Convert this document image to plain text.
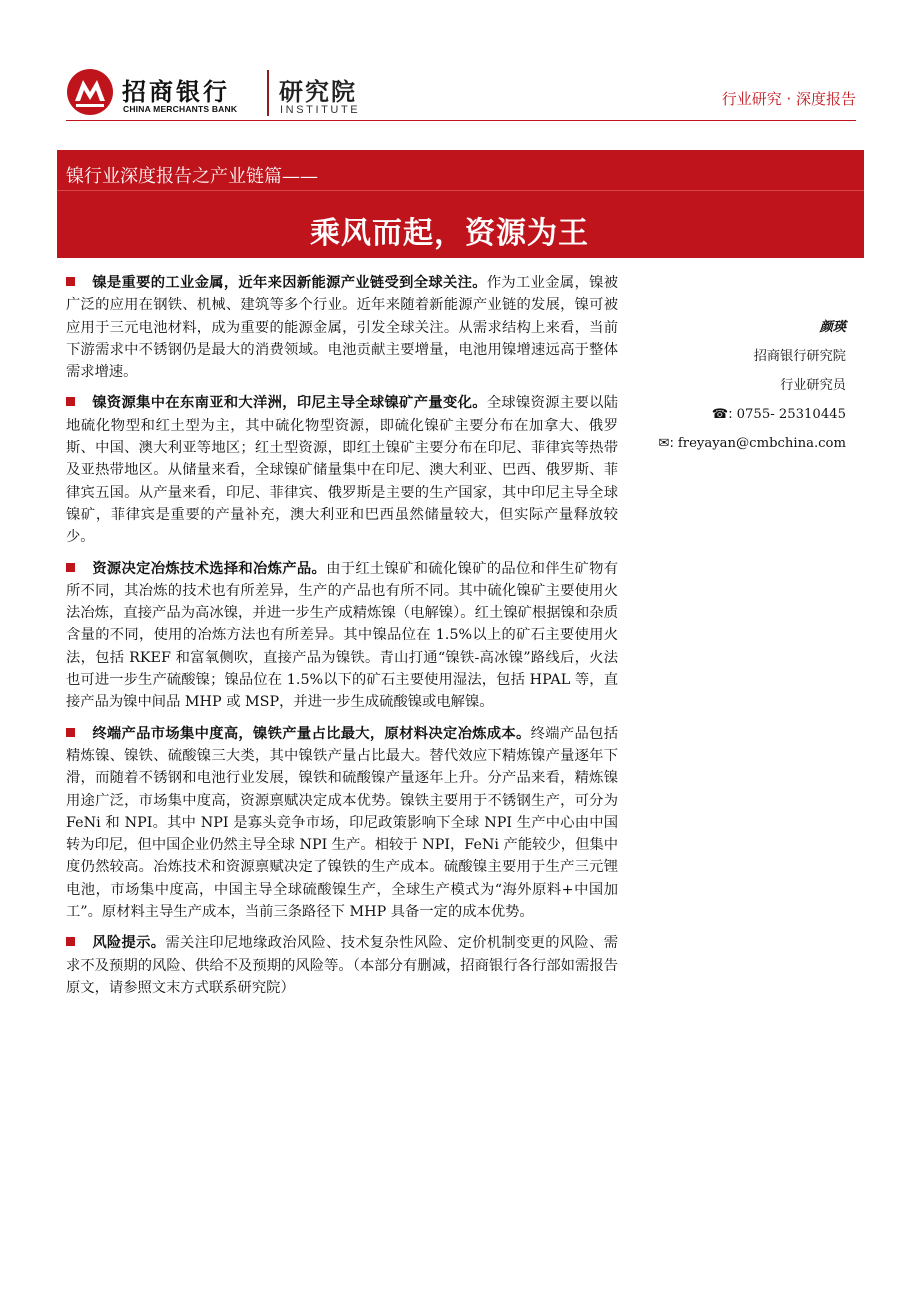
招商银行
CHINA MERCHANTS BANK
研究院
INSTITUTE
行业研究 · 深度报告
镍行业深度报告之产业链篇——
乘风而起，资源为王

镍是重要的工业金属，近年来因新能源产业链受到全球关注。作为工业金属，镍被广泛的应用在钢铁、机械、建筑等多个行业。近年来随着新能源产业链的发展，镍可被应用于三元电池材料，成为重要的能源金属，引发全球关注。从需求结构上来看，当前下游需求中不锈钢仍是最大的消费领域。电池贡献主要增量，电池用镍增速远高于整体需求增速。

镍资源集中在东南亚和大洋洲，印尼主导全球镍矿产量变化。全球镍资源主要以陆地硫化物型和红土型为主，其中硫化物型资源，即硫化镍矿主要分布在加拿大、俄罗斯、中国、澳大利亚等地区；红土型资源，即红土镍矿主要分布在印尼、菲律宾等热带及亚热带地区。从储量来看，全球镍矿储量集中在印尼、澳大利亚、巴西、俄罗斯、菲律宾五国。从产量来看，印尼、菲律宾、俄罗斯是主要的生产国家，其中印尼主导全球镍矿，菲律宾是重要的产量补充，澳大利亚和巴西虽然储量较大，但实际产量释放较少。

资源决定冶炼技术选择和冶炼产品。由于红土镍矿和硫化镍矿的品位和伴生矿物有所不同，其冶炼的技术也有所差异，生产的产品也有所不同。其中硫化镍矿主要使用火法冶炼，直接产品为高冰镍，并进一步生产成精炼镍（电解镍）。红土镍矿根据镍和杂质含量的不同，使用的冶炼方法也有所差异。其中镍品位在 1.5%以上的矿石主要使用火法，包括 RKEF 和富氧侧吹，直接产品为镍铁。青山打通“镍铁-高冰镍”路线后，火法也可进一步生产硫酸镍；镍品位在 1.5%以下的矿石主要使用湿法，包括 HPAL 等，直接产品为镍中间品 MHP 或 MSP，并进一步生成硫酸镍或电解镍。

终端产品市场集中度高，镍铁产量占比最大，原材料决定冶炼成本。终端产品包括精炼镍、镍铁、硫酸镍三大类，其中镍铁产量占比最大。替代效应下精炼镍产量逐年下滑，而随着不锈钢和电池行业发展，镍铁和硫酸镍产量逐年上升。分产品来看，精炼镍用途广泛，市场集中度高，资源禀赋决定成本优势。镍铁主要用于不锈钢生产，可分为 FeNi 和 NPI。其中 NPI 是寡头竞争市场，印尼政策影响下全球 NPI 生产中心由中国转为印尼，但中国企业仍然主导全球 NPI 生产。相较于 NPI，FeNi 产能较少，但集中度仍然较高。冶炼技术和资源禀赋决定了镍铁的生产成本。硫酸镍主要用于生产三元锂电池，市场集中度高，中国主导全球硫酸镍生产，全球生产模式为“海外原料+中国加工”。原材料主导生产成本，当前三条路径下 MHP 具备一定的成本优势。

风险提示。需关注印尼地缘政治风险、技术复杂性风险、定价机制变更的风险、需求不及预期的风险、供给不及预期的风险等。（本部分有删减，招商银行各行部如需报告原文，请参照文末方式联系研究院）

颜瑛
招商银行研究院
行业研究员
☎: 0755- 25310445
✉: freyayan@cmbchina.com
